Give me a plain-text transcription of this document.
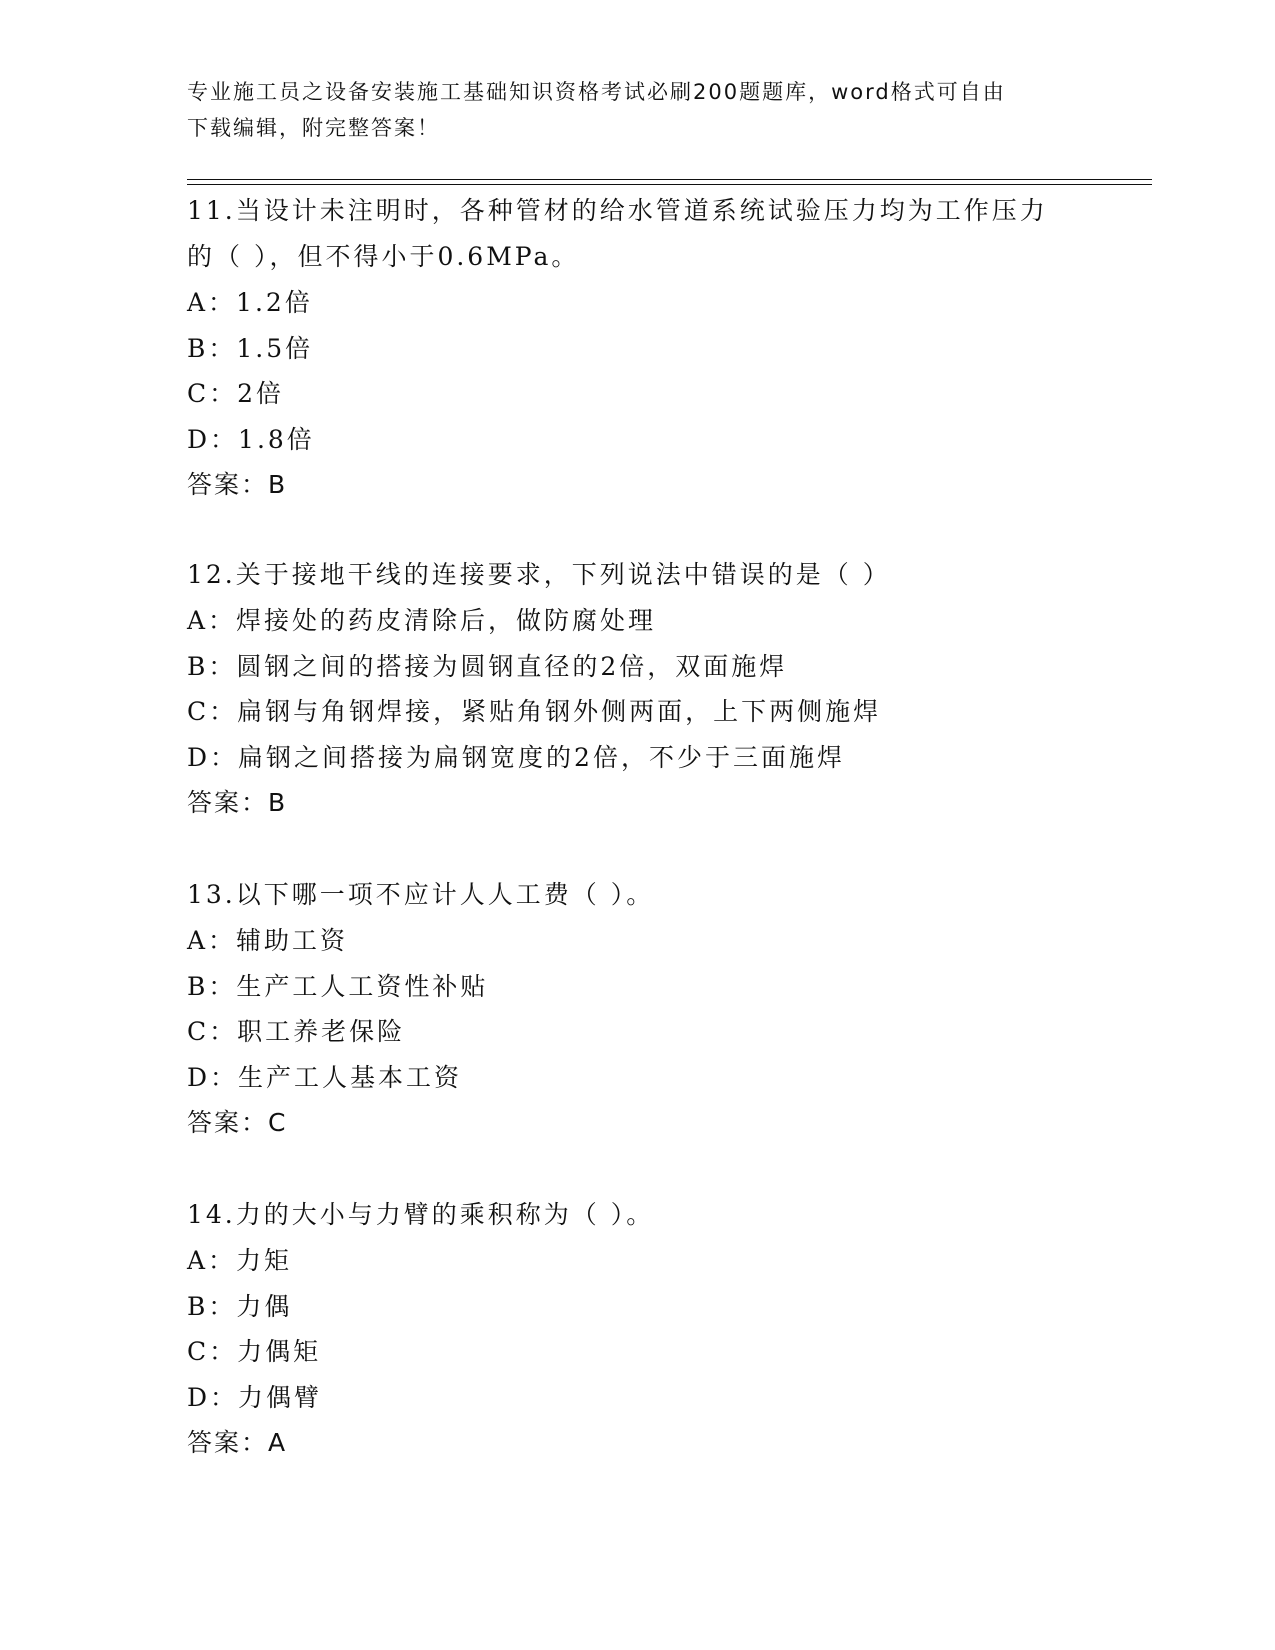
专业施工员之设备安装施工基础知识资格考试必刷200题题库，word格式可自由
下载编辑，附完整答案！
11.当设计未注明时，各种管材的给水管道系统试验压力均为工作压力
的（ ），但不得小于0.6MPa。
A：1.2倍
B：1.5倍
C：2倍
D：1.8倍
答案：B
12.关于接地干线的连接要求，下列说法中错误的是（ ）
A：焊接处的药皮清除后，做防腐处理
B：圆钢之间的搭接为圆钢直径的2倍，双面施焊
C：扁钢与角钢焊接，紧贴角钢外侧两面，上下两侧施焊
D：扁钢之间搭接为扁钢宽度的2倍，不少于三面施焊
答案：B
13.以下哪一项不应计人人工费（ ）。
A：辅助工资
B：生产工人工资性补贴
C：职工养老保险
D：生产工人基本工资
答案：C
14.力的大小与力臂的乘积称为（ ）。
A：力矩
B：力偶
C：力偶矩
D：力偶臂
答案：A
